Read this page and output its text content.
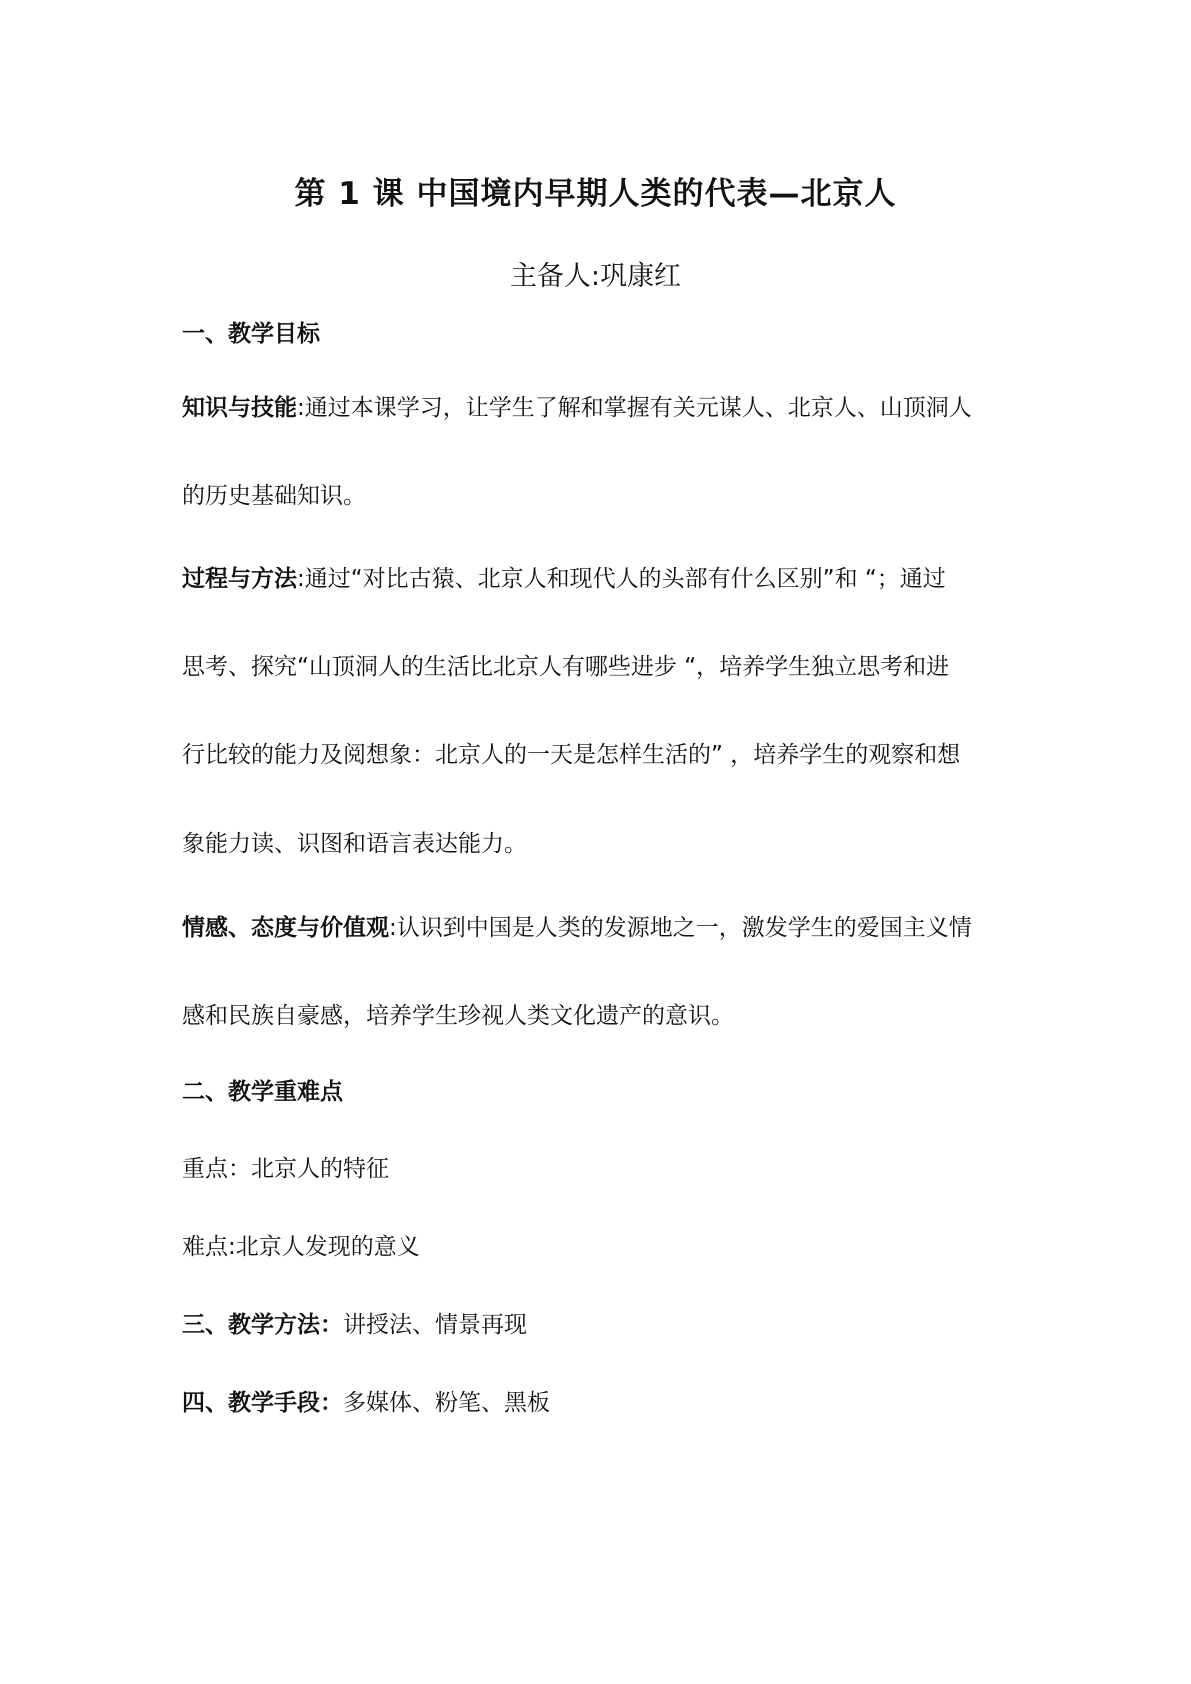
第 1 课 中国境内早期人类的代表—北京人
主备人:巩康红
一、教学目标
知识与技能:通过本课学习，让学生了解和掌握有关元谋人、北京人、山顶洞人
的历史基础知识。
过程与方法:通过“对比古猿、北京人和现代人的头部有什么区别”和 “；通过
思考、探究“山顶洞人的生活比北京人有哪些进步 “，培养学生独立思考和进
行比较的能力及阅想象：北京人的一天是怎样生活的” ，培养学生的观察和想
象能力读、识图和语言表达能力。
情感、态度与价值观:认识到中国是人类的发源地之一，激发学生的爱国主义情
感和民族自豪感，培养学生珍视人类文化遗产的意识。
二、教学重难点
重点：北京人的特征
难点:北京人发现的意义
三、教学方法：讲授法、情景再现
四、教学手段：多媒体、粉笔、黑板
